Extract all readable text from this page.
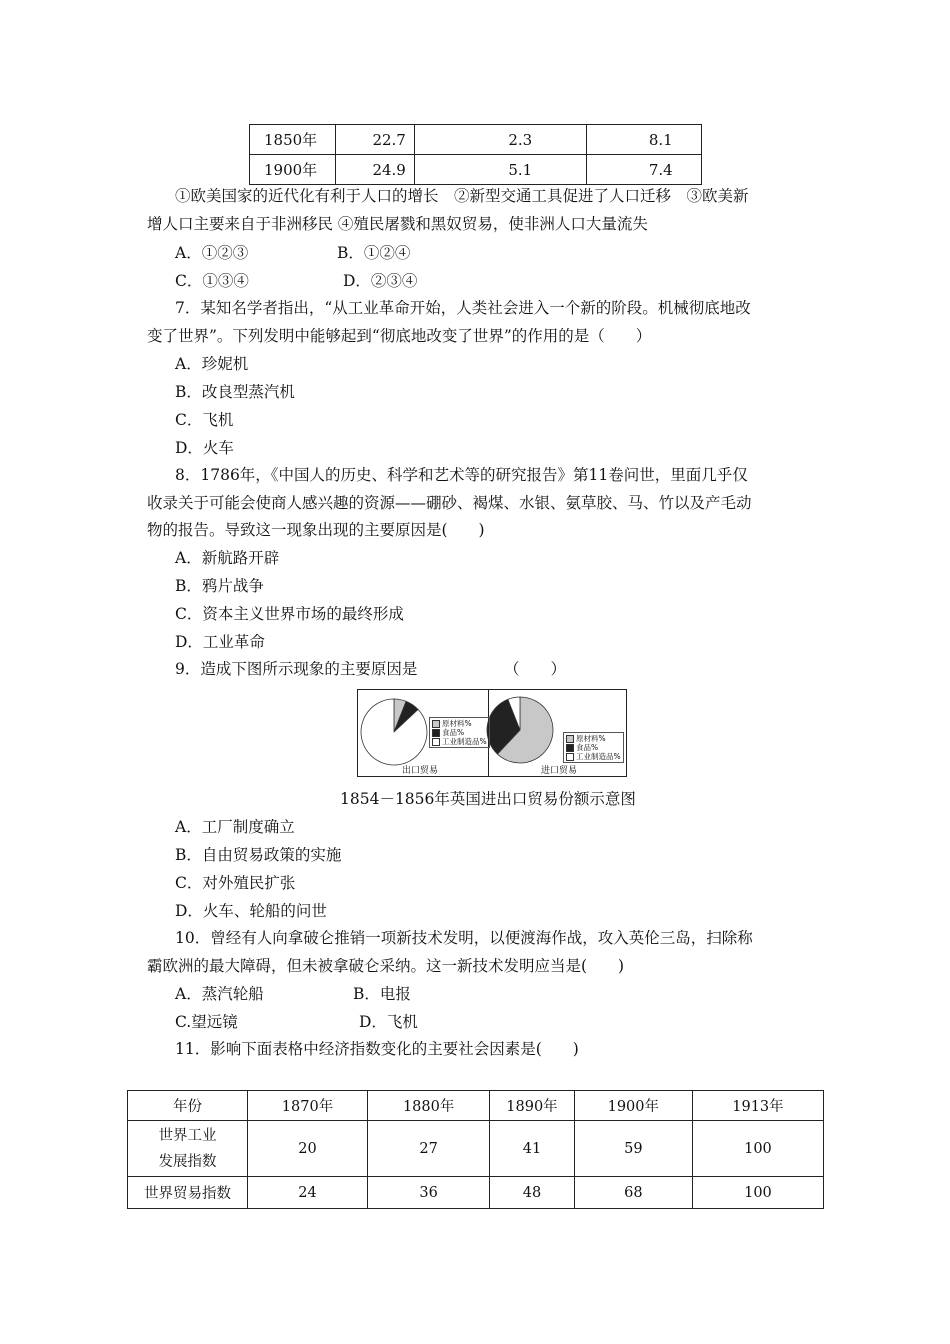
1850年	22.7	2.3	8.1
1900年	24.9	5.1	7.4
①欧美国家的近代化有利于人口的增长　②新型交通工具促进了人口迁移　③欧美新
增人口主要来自于非洲移民 ④殖民屠戮和黑奴贸易，使非洲人口大量流失
A．①②③	B．①②④
C．①③④	D．②③④
7．某知名学者指出，“从工业革命开始，人类社会进入一个新的阶段。机械彻底地改
变了世界”。下列发明中能够起到“彻底地改变了世界”的作用的是（　　）
A．珍妮机
B．改良型蒸汽机
C．飞机
D．火车
8．1786年，《中国人的历史、科学和艺术等的研究报告》第11卷问世，里面几乎仅
收录关于可能会使商人感兴趣的资源——硼砂、褐煤、水银、氨草胶、马、竹以及产毛动
物的报告。导致这一现象出现的主要原因是(　　)
A．新航路开辟
B．鸦片战争
C．资本主义世界市场的最终形成
D．工业革命
9．造成下图所示现象的主要原因是	（　　）
原材料%
食品%
工业制造品%
出口贸易
原材料%
食品%
工业制造品%
进口贸易
1854－1856年英国进出口贸易份额示意图
A．工厂制度确立
B．自由贸易政策的实施
C．对外殖民扩张
D．火车、轮船的问世
10．曾经有人向拿破仑推销一项新技术发明，以便渡海作战，攻入英伦三岛，扫除称
霸欧洲的最大障碍，但未被拿破仑采纳。这一新技术发明应当是(　　)
A．蒸汽轮船	B．电报
C.望远镜	D．飞机
11．影响下面表格中经济指数变化的主要社会因素是(　　)
年份	1870年	1880年	1890年	1900年	1913年

世界工业
发展指数	20	27	41	59	100
世界贸易指数	24	36	48	68	100
